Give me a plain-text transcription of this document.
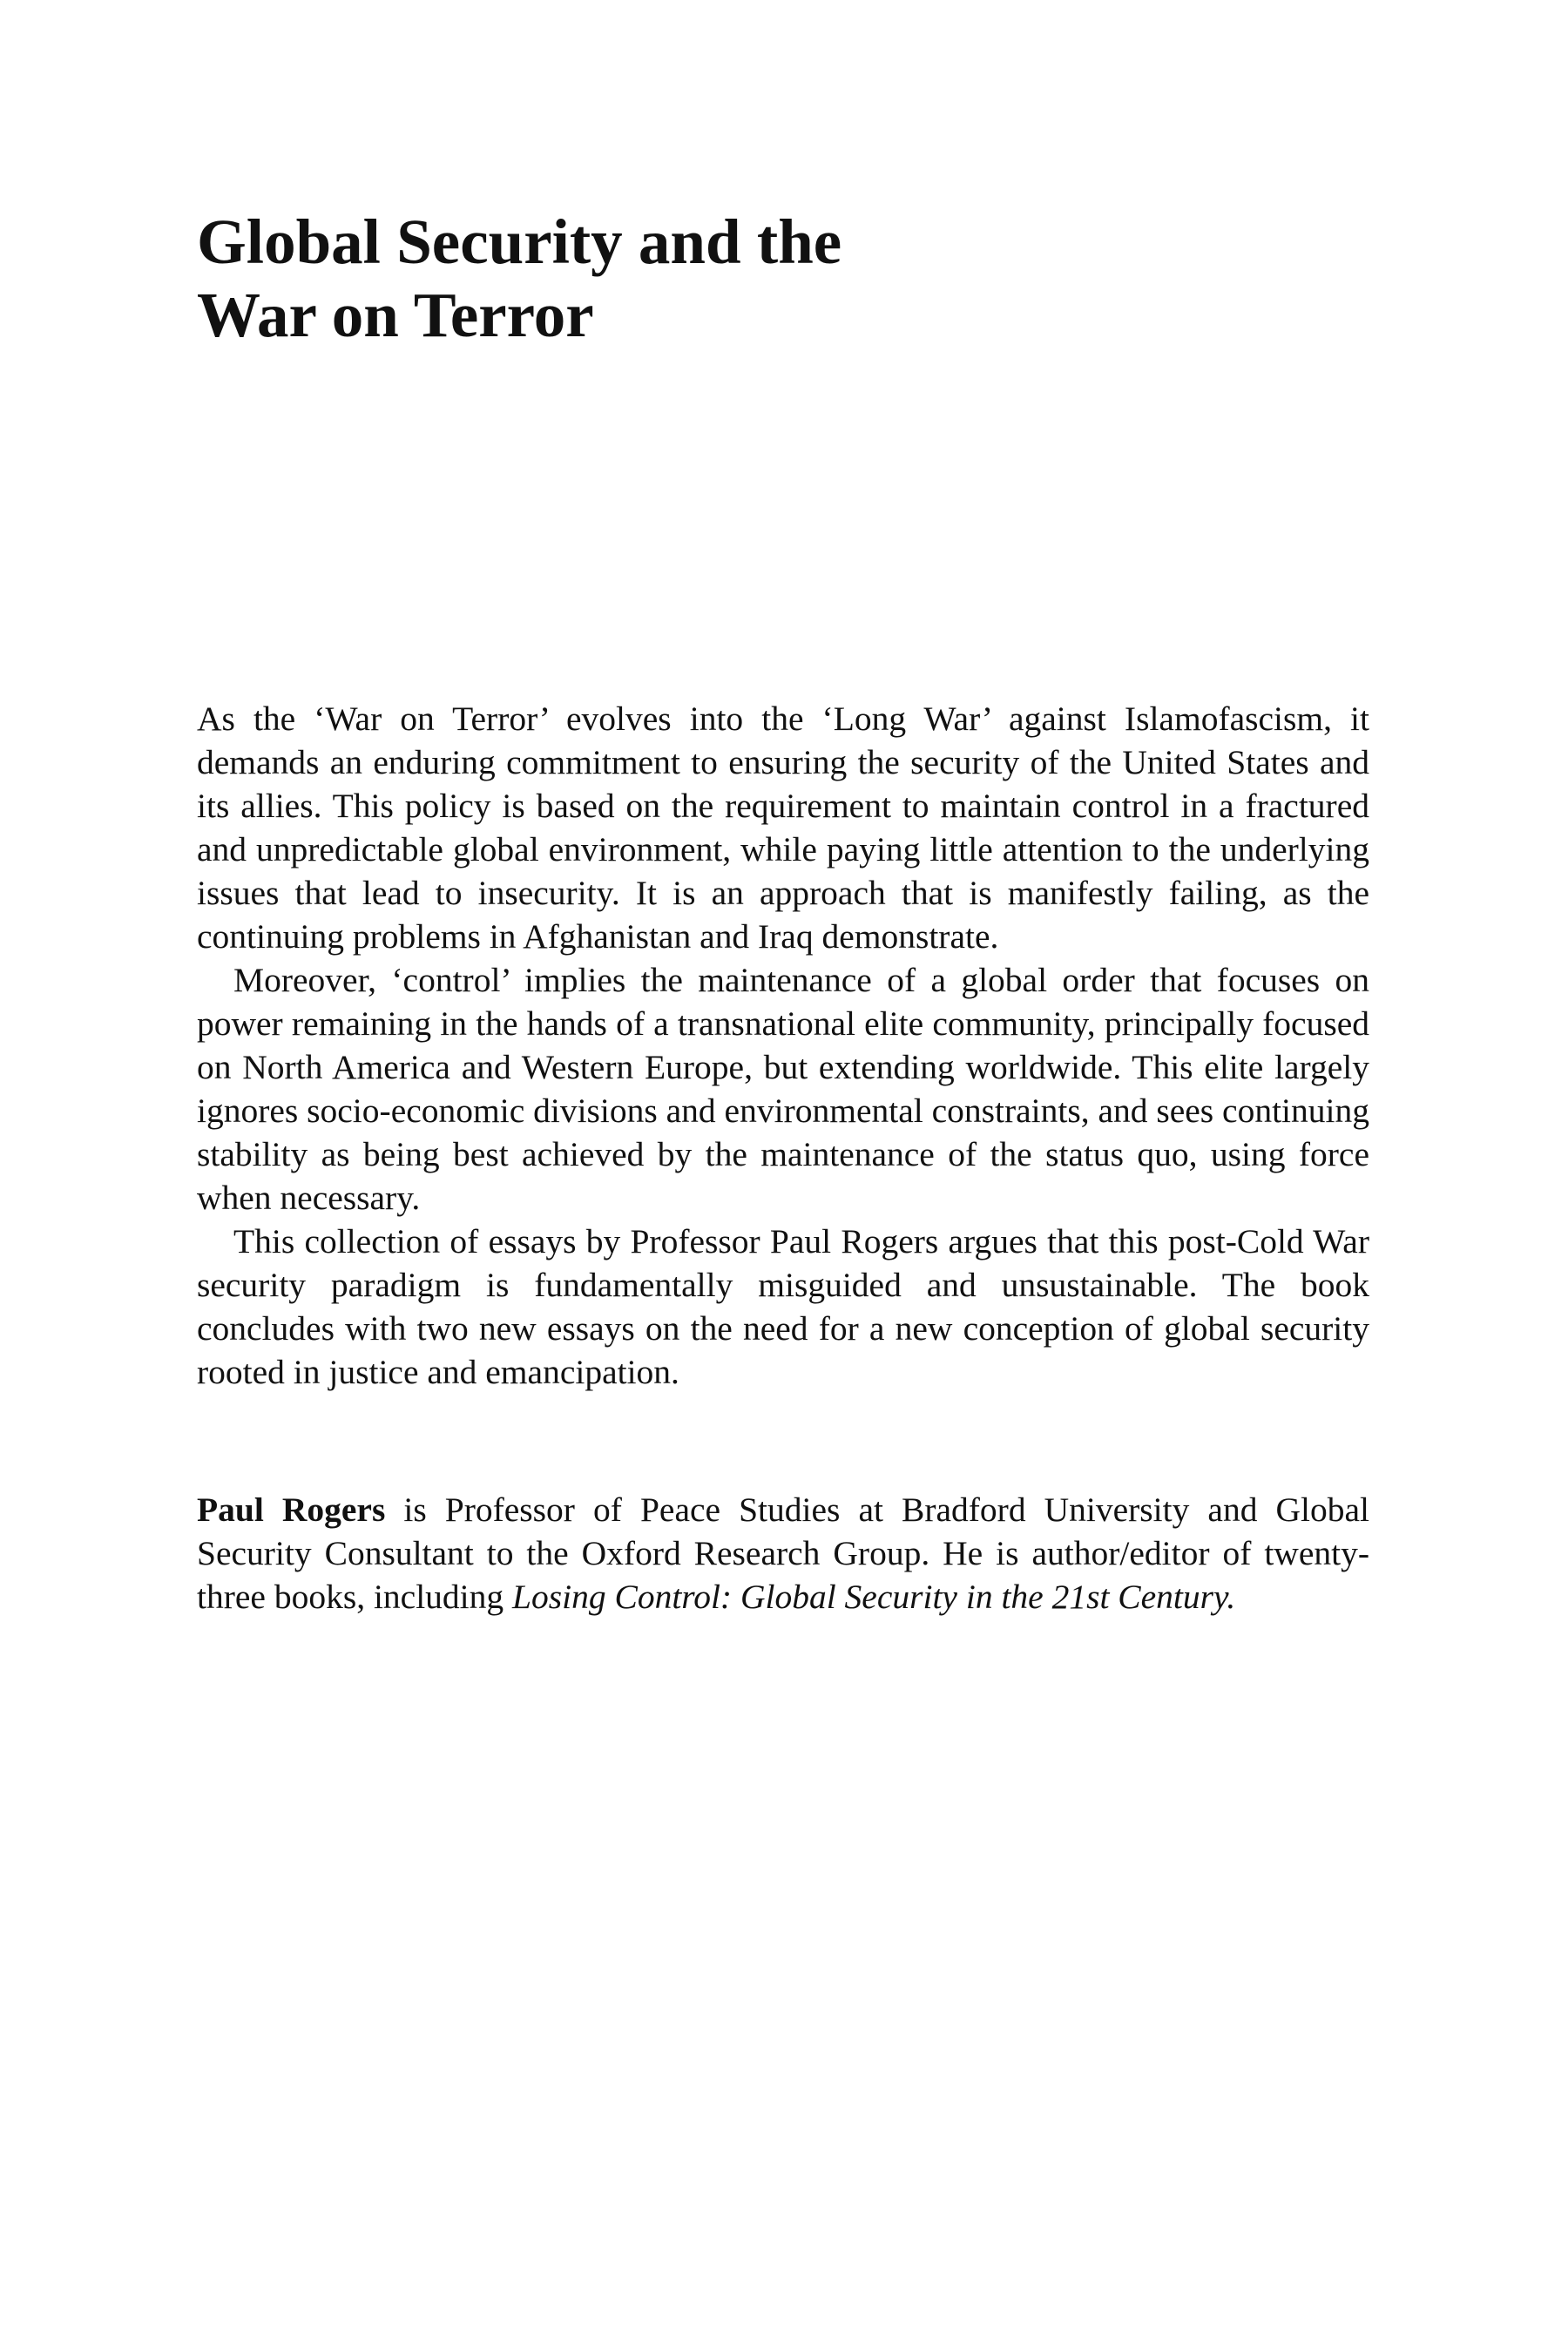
Global Security and the
War on Terror

As the ‘War on Terror’ evolves into the ‘Long War’ against Islamofascism, it demands an enduring commitment to ensuring the security of the United States and its allies. This policy is based on the requirement to maintain control in a fractured and unpredictable global environment, while paying little attention to the underlying issues that lead to insecurity. It is an approach that is manifestly failing, as the continuing problems in Afghanistan and Iraq demonstrate.

Moreover, ‘control’ implies the maintenance of a global order that focuses on power remaining in the hands of a transnational elite community, principally focused on North America and Western Europe, but extending worldwide. This elite largely ignores socio-economic divisions and environmental constraints, and sees continuing stability as being best achieved by the maintenance of the status quo, using force when necessary.

This collection of essays by Professor Paul Rogers argues that this post-Cold War security paradigm is fundamentally misguided and unsustainable. The book concludes with two new essays on the need for a new conception of global security rooted in justice and emancipation.

Paul Rogers is Professor of Peace Studies at Bradford University and Global Security Consultant to the Oxford Research Group. He is author/editor of twenty-three books, including Losing Control: Global Security in the 21st Century.
